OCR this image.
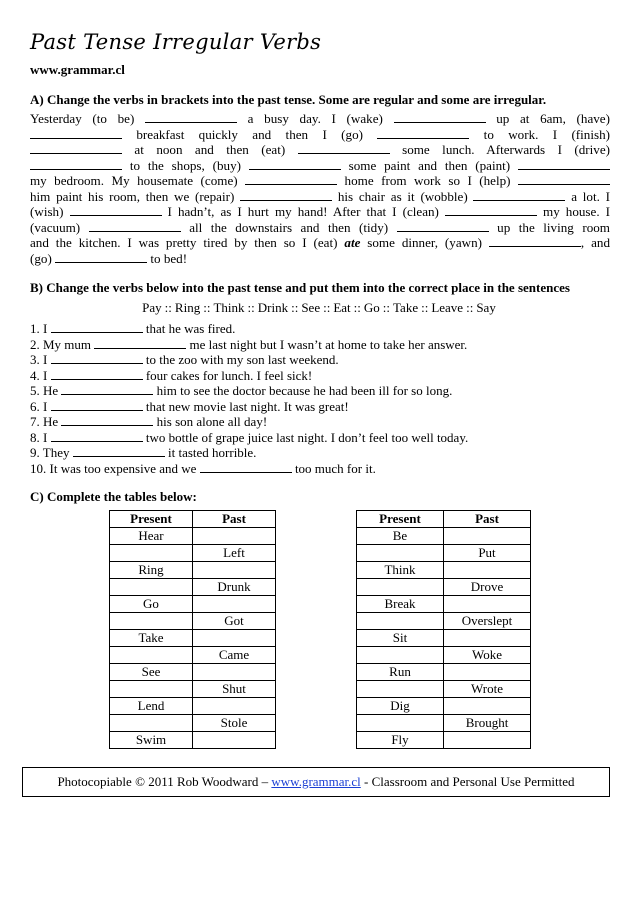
Past Tense Irregular Verbs
www.grammar.cl
A) Change the verbs in brackets into the past tense. Some are regular and some are irregular.
Yesterday (to be)	a busy day. I (wake)	up at 6am, (have)
breakfast quickly and then I (go)	to work. I (finish)
at noon and then (eat)	some lunch. Afterwards I (drive)
to the shops, (buy)	some paint and then (paint)
my bedroom. My housemate (come)	home from work so I (help)
him paint his room, then we (repair)	his chair as it (wobble)	a lot. I
(wish)	I hadn’t, as I hurt my hand! After that I (clean)	my house. I
(vacuum)	all the downstairs and then (tidy)	up the living room
and the kitchen. I was pretty tired by then so I (eat) ate some dinner, (yawn)	, and
(go)	to bed!
B) Change the verbs below into the past tense and put them into the correct place in the sentences
Pay :: Ring :: Think :: Drink :: See :: Eat :: Go :: Take :: Leave :: Say
1. I	that he was fired.
2. My mum	me last night but I wasn’t at home to take her answer.
3. I	to the zoo with my son last weekend.
4. I	four cakes for lunch. I feel sick!
5. He	him to see the doctor because he had been ill for so long.
6. I	that new movie last night. It was great!
7. He	his son alone all day!
8. I	two bottle of grape juice last night. I don’t feel too well today.
9. They	it tasted horrible.
10. It was too expensive and we	too much for it.
C) Complete the tables below:
Present	Past
Hear	
	Left
Ring	
	Drunk
Go	
	Got
Take	
	Came
See	
	Shut
Lend	
	Stole
Swim	
Present	Past
Be	
	Put
Think	
	Drove
Break	
	Overslept
Sit	
	Woke
Run	
	Wrote
Dig	
	Brought
Fly	
Photocopiable © 2011 Rob Woodward – www.grammar.cl - Classroom and Personal Use Permitted
